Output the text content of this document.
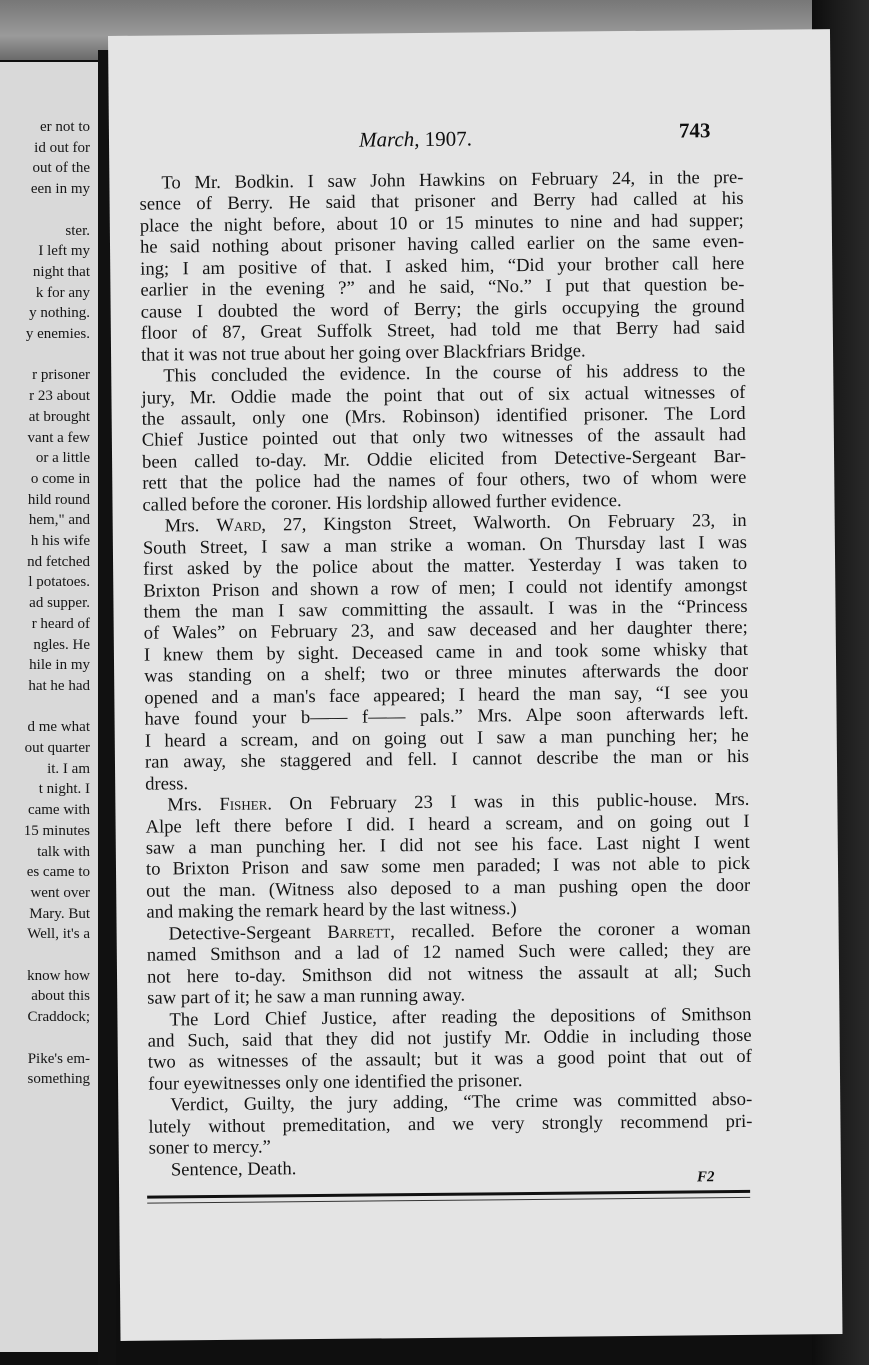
er not to
id out for
out of the
een in my
ster.
I left my
night that
k for any
y nothing.
y enemies.
r prisoner
r 23 about
at brought
vant a few
or a little
o come in
hild round
hem," and
h his wife
nd fetched
l potatoes.
ad supper.
r heard of
ngles. He
hile in my
hat he had
d me what
out quarter
it. I am
t night. I
came with
15 minutes
talk with
es came to
went over
Mary. But
Well, it's a
know how
about this
Craddock;
Pike's em-
something
March, 1907.	743
To Mr. Bodkin. I saw John Hawkins on February 24, in the pre-
sence of Berry. He said that prisoner and Berry had called at his
place the night before, about 10 or 15 minutes to nine and had supper;
he said nothing about prisoner having called earlier on the same even-
ing; I am positive of that. I asked him, “Did your brother call here
earlier in the evening ?” and he said, “No.” I put that question be-
cause I doubted the word of Berry; the girls occupying the ground
floor of 87, Great Suffolk Street, had told me that Berry had said
that it was not true about her going over Blackfriars Bridge.
This concluded the evidence. In the course of his address to the
jury, Mr. Oddie made the point that out of six actual witnesses of
the assault, only one (Mrs. Robinson) identified prisoner. The Lord
Chief Justice pointed out that only two witnesses of the assault had
been called to-day. Mr. Oddie elicited from Detective-Sergeant Bar-
rett that the police had the names of four others, two of whom were
called before the coroner. His lordship allowed further evidence.
Mrs. Ward, 27, Kingston Street, Walworth. On February 23, in
South Street, I saw a man strike a woman. On Thursday last I was
first asked by the police about the matter. Yesterday I was taken to
Brixton Prison and shown a row of men; I could not identify amongst
them the man I saw committing the assault. I was in the “Princess
of Wales” on February 23, and saw deceased and her daughter there;
I knew them by sight. Deceased came in and took some whisky that
was standing on a shelf; two or three minutes afterwards the door
opened and a man's face appeared; I heard the man say, “I see you
have found your b—— f—— pals.” Mrs. Alpe soon afterwards left.
I heard a scream, and on going out I saw a man punching her; he
ran away, she staggered and fell. I cannot describe the man or his
dress.
Mrs. Fisher. On February 23 I was in this public-house. Mrs.
Alpe left there before I did. I heard a scream, and on going out I
saw a man punching her. I did not see his face. Last night I went
to Brixton Prison and saw some men paraded; I was not able to pick
out the man. (Witness also deposed to a man pushing open the door
and making the remark heard by the last witness.)
Detective-Sergeant Barrett, recalled. Before the coroner a woman
named Smithson and a lad of 12 named Such were called; they are
not here to-day. Smithson did not witness the assault at all; Such
saw part of it; he saw a man running away.
The Lord Chief Justice, after reading the depositions of Smithson
and Such, said that they did not justify Mr. Oddie in including those
two as witnesses of the assault; but it was a good point that out of
four eyewitnesses only one identified the prisoner.
Verdict, Guilty, the jury adding, “The crime was committed abso-
lutely without premeditation, and we very strongly recommend pri-
soner to mercy.”
Sentence, Death.	F2
